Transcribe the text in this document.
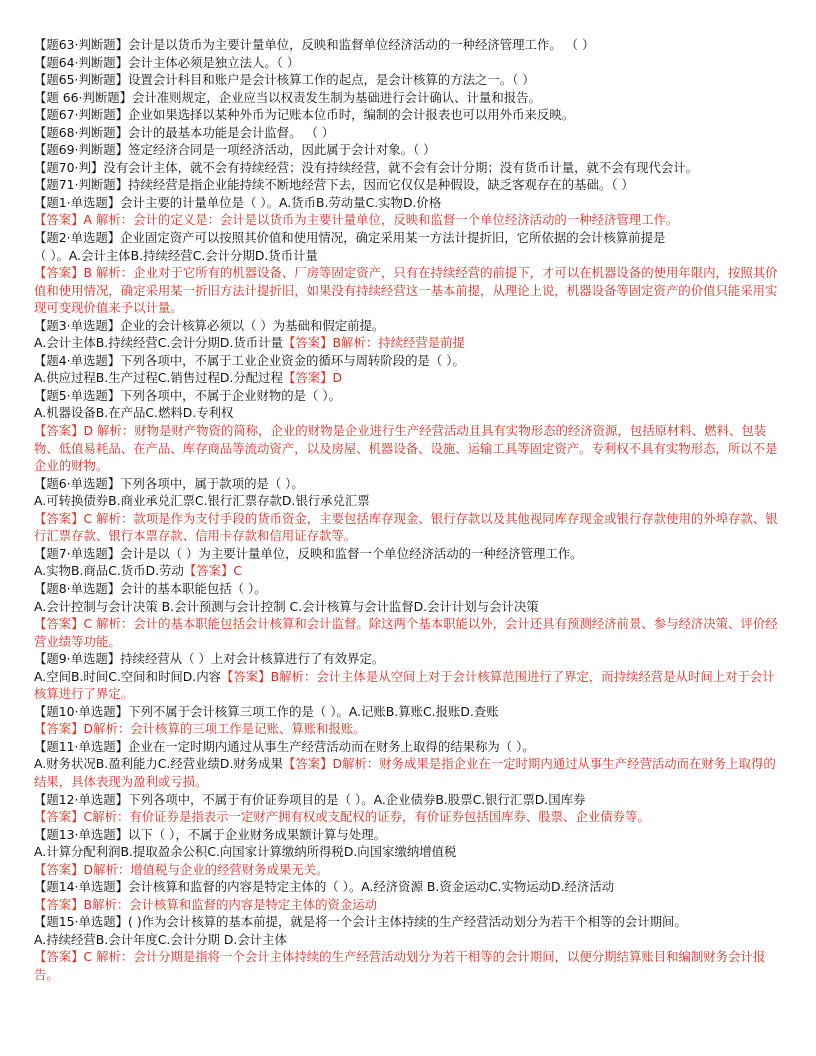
【题63·判断题】会计是以货币为主要计量单位，反映和监督单位经济活动的一种经济管理工作。 （ ）
【题64·判断题】会计主体必须是独立法人。（ ）
【题65·判断题】设置会计科目和账户是会计核算工作的起点，是会计核算的方法之一。（ ）
【题 66·判断题】会计准则规定，企业应当以权责发生制为基础进行会计确认、计量和报告。
【题67·判断题】企业如果选择以某种外币为记账本位币时，编制的会计报表也可以用外币来反映。
【题68·判断题】会计的最基本功能是会计监督。 （ ）
【题69·判断题】签定经济合同是一项经济活动，因此属于会计对象。（ ）
【题70·判】没有会计主体，就不会有持续经营；没有持续经营，就不会有会计分期；没有货币计量，就不会有现代会计。
【题71·判断题】持续经营是指企业能持续不断地经营下去，因而它仅仅是种假设，缺乏客观存在的基础。（ ）
【题1·单选题】会计主要的计量单位是（ ）。A.货币B.劳动量C.实物D.价格
【答案】A 解析：会计的定义是：会计是以货币为主要计量单位，反映和监督一个单位经济活动的一种经济管理工作。
【题2·单选题】企业固定资产可以按照其价值和使用情况，确定采用某一方法计提折旧，它所依据的会计核算前提是
（ ）。A.会计主体B.持续经营C.会计分期D.货币计量
【答案】B 解析：企业对于它所有的机器设备、厂房等固定资产，只有在持续经营的前提下，才可以在机器设备的使用年限内，按照其价值和使用情况，确定采用某一折旧方法计提折旧，如果没有持续经营这一基本前提，从理论上说，机器设备等固定资产的价值只能采用实现可变现价值来予以计量。
【题3·单选题】企业的会计核算必须以（ ）为基础和假定前提。
A.会计主体B.持续经营C.会计分期D.货币计量【答案】B解析：持续经营是前提
【题4·单选题】下列各项中，不属于工业企业资金的循环与周转阶段的是（ ）。
A.供应过程B.生产过程C.销售过程D.分配过程【答案】D
【题5·单选题】下列各项中，不属于企业财物的是（ ）。
A.机器设备B.在产品C.燃料D.专利权
【答案】D 解析：财物是财产物资的简称，企业的财物是企业进行生产经营活动且具有实物形态的经济资源，包括原材料、燃料、包装物、低值易耗品、在产品、库存商品等流动资产，以及房屋、机器设备、设施、运输工具等固定资产。专利权不具有实物形态，所以不是企业的财物。
【题6·单选题】下列各项中，属于款项的是（ ）。
A.可转换债券B.商业承兑汇票C.银行汇票存款D.银行承兑汇票
【答案】C 解析：款项是作为支付手段的货币资金，主要包括库存现金、银行存款以及其他视同库存现金或银行存款使用的外埠存款、银行汇票存款、银行本票存款、信用卡存款和信用证存款等。
【题7·单选题】会计是以（ ）为主要计量单位，反映和监督一个单位经济活动的一种经济管理工作。
A.实物B.商品C.货币D.劳动【答案】C
【题8·单选题】会计的基本职能包括（ ）。
A.会计控制与会计决策 B.会计预测与会计控制 C.会计核算与会计监督D.会计计划与会计决策
【答案】C 解析：会计的基本职能包括会计核算和会计监督。除这两个基本职能以外，会计还具有预测经济前景、参与经济决策、评价经营业绩等功能。
【题9·单选题】持续经营从（ ）上对会计核算进行了有效界定。
A.空间B.时间C.空间和时间D.内容【答案】B解析：会计主体是从空间上对于会计核算范围进行了界定，而持续经营是从时间上对于会计核算进行了界定。
【题10·单选题】下列不属于会计核算三项工作的是（ ）。A.记账B.算账C.报账D.查账
【答案】D解析：会计核算的三项工作是记账、算账和报账。
【题11·单选题】企业在一定时期内通过从事生产经营活动而在财务上取得的结果称为（ ）。
A.财务状况B.盈利能力C.经营业绩D.财务成果【答案】D解析：财务成果是指企业在一定时期内通过从事生产经营活动而在财务上取得的结果，具体表现为盈利或亏损。
【题12·单选题】下列各项中，不属于有价证券项目的是（ ）。A.企业债券B.股票C.银行汇票D.国库券
【答案】C解析：有价证券是指表示一定财产拥有权或支配权的证券，有价证券包括国库券、股票、企业债券等。
【题13·单选题】以下（ ），不属于企业财务成果额计算与处理。
A.计算分配利润B.提取盈余公积C.向国家计算缴纳所得税D.向国家缴纳增值税
【答案】D解析：增值税与企业的经营财务成果无关。
【题14·单选题】会计核算和监督的内容是特定主体的（ ）。A.经济资源 B.资金运动C.实物运动D.经济活动
【答案】B解析：会计核算和监督的内容是特定主体的资金运动
【题15·单选题】( )作为会计核算的基本前提，就是将一个会计主体持续的生产经营活动划分为若干个相等的会计期间。
A.持续经营B.会计年度C.会计分期 D.会计主体
【答案】C 解析：会计分期是指将一个会计主体持续的生产经营活动划分为若干相等的会计期间，以便分期结算账目和编制财务会计报告。
